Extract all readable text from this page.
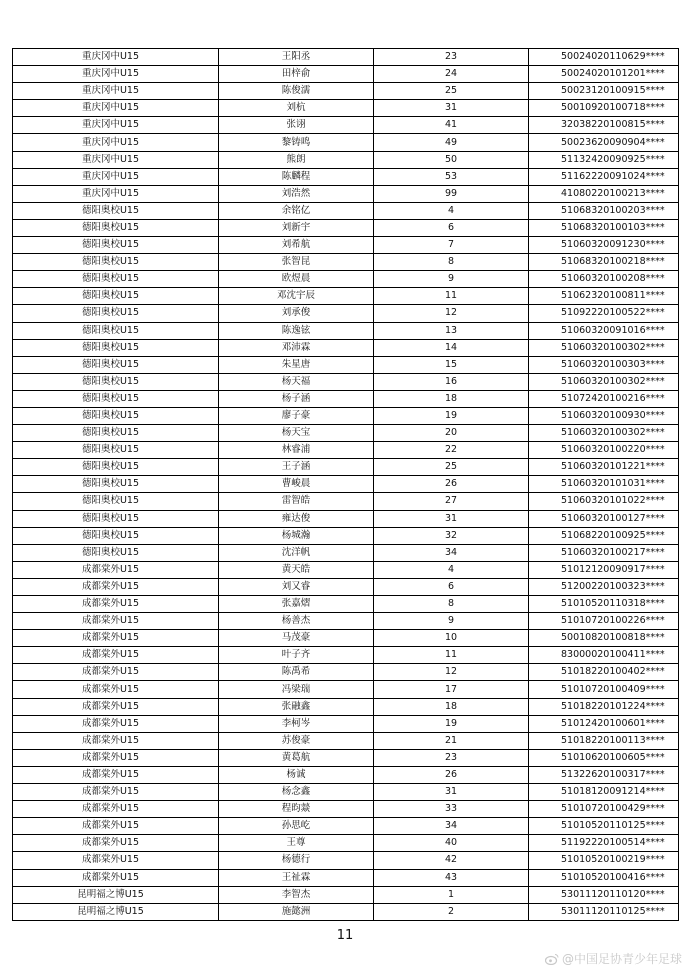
重庆冈中U15	王阳丞	23	50024020110629****
重庆冈中U15	田梓俞	24	50024020101201****
重庆冈中U15	陈俊濡	25	50023120100915****
重庆冈中U15	刘杭	31	50010920100718****
重庆冈中U15	张诩	41	32038220100815****
重庆冈中U15	黎铸鸣	49	50023620090904****
重庆冈中U15	熊朗	50	51132420090925****
重庆冈中U15	陈麟程	53	51162220091024****
重庆冈中U15	刘浩然	99	41080220100213****
德阳奥校U15	余铭亿	4	51068320100203****
德阳奥校U15	刘新宇	6	51068320100103****
德阳奥校U15	刘希航	7	51060320091230****
德阳奥校U15	张智昆	8	51068320100218****
德阳奥校U15	欧煜晨	9	51060320100208****
德阳奥校U15	邓沈宇辰	11	51062320100811****
德阳奥校U15	刘承俊	12	51092220100522****
德阳奥校U15	陈逸铉	13	51060320091016****
德阳奥校U15	邓沛霖	14	51060320100302****
德阳奥校U15	朱星唐	15	51060320100303****
德阳奥校U15	杨天福	16	51060320100302****
德阳奥校U15	杨子涵	18	51072420100216****
德阳奥校U15	廖子豪	19	51060320100930****
德阳奥校U15	杨天宝	20	51060320100302****
德阳奥校U15	林睿浦	22	51060320100220****
德阳奥校U15	王子涵	25	51060320101221****
德阳奥校U15	曹峻晨	26	51060320101031****
德阳奥校U15	雷智皓	27	51060320101022****
德阳奥校U15	雍达俊	31	51060320100127****
德阳奥校U15	杨城瀚	32	51068220100925****
德阳奥校U15	沈洋帆	34	51060320100217****
成都棠外U15	黄天皓	4	51012120090917****
成都棠外U15	刘又睿	6	51200220100323****
成都棠外U15	张嘉熠	8	51010520110318****
成都棠外U15	杨善杰	9	51010720100226****
成都棠外U15	马茂豪	10	50010820100818****
成都棠外U15	叶子齐	11	83000020100411****
成都棠外U15	陈禹希	12	51018220100402****
成都棠外U15	冯梁瑞	17	51010720100409****
成都棠外U15	张融鑫	18	51018220101224****
成都棠外U15	李柯岑	19	51012420100601****
成都棠外U15	苏俊豪	21	51018220100113****
成都棠外U15	黄葛航	23	51010620100605****
成都棠外U15	杨诚	26	51322620100317****
成都棠外U15	杨念鑫	31	51018120091214****
成都棠外U15	程昀燚	33	51010720100429****
成都棠外U15	孙思屹	34	51010520110125****
成都棠外U15	王尊	40	51192220100514****
成都棠外U15	杨德行	42	51010520100219****
成都棠外U15	王祉霖	43	51010520100416****
昆明福之博U15	李智杰	1	53011120110120****
昆明福之博U15	施懿洲	2	53011120110125****
11
@中国足协青少年足球
